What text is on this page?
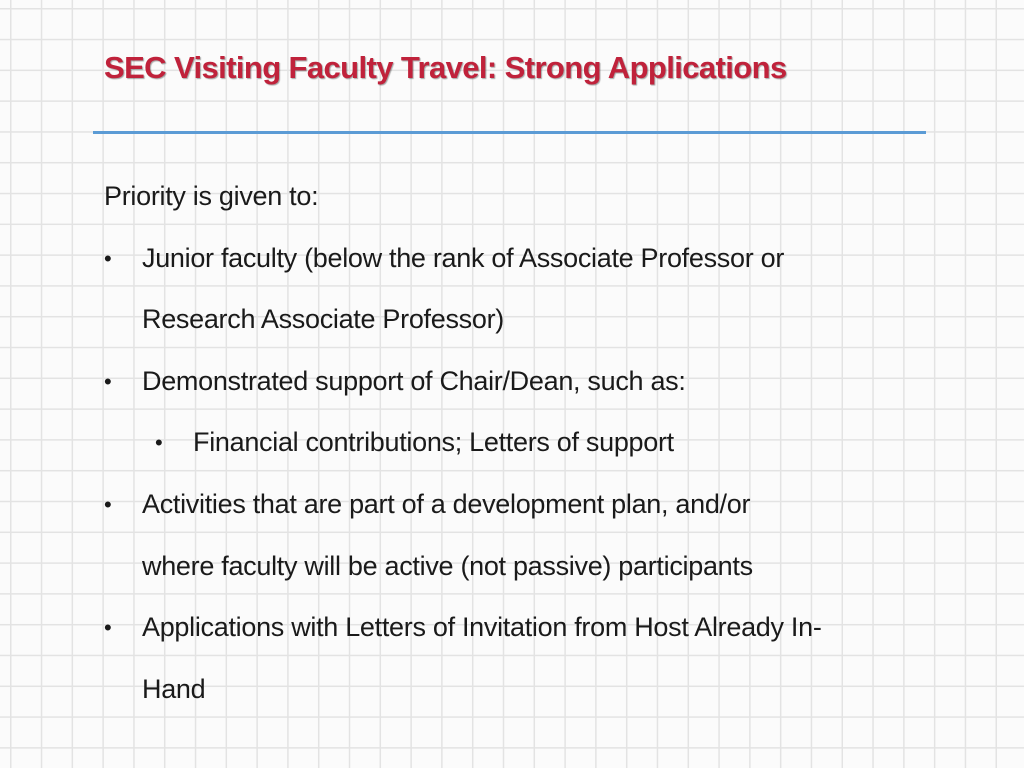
SEC Visiting Faculty Travel: Strong Applications

Priority is given to:

• Junior faculty (below the rank of Associate Professor or
Research Associate Professor)
• Demonstrated support of Chair/Dean, such as:
• Financial contributions; Letters of support
• Activities that are part of a development plan, and/or
where faculty will be active (not passive) participants
• Applications with Letters of Invitation from Host Already In-
Hand
